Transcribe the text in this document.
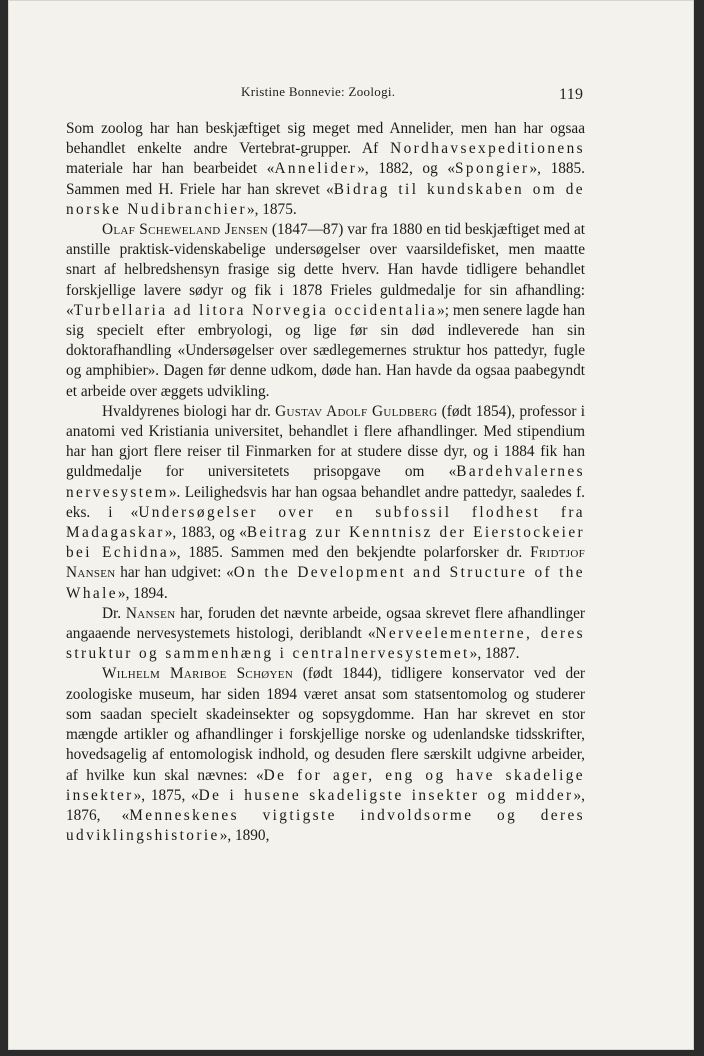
Kristine Bonnevie: Zoologi.	119

Som zoolog har han beskjæftiget sig meget med Annelider, men han har ogsaa behandlet enkelte andre Vertebrat-grupper. Af Nordhavsexpeditionens materiale har han bearbeidet «Annelider», 1882, og «Spongier», 1885. Sammen med H. Friele har han skrevet «Bidrag til kundskaben om de norske Nudibranchier», 1875.

Olaf Scheweland Jensen (1847—87) var fra 1880 en tid beskjæftiget med at anstille praktisk-videnskabelige undersøgelser over vaarsildefisket, men maatte snart af helbredshensyn frasige sig dette hverv. Han havde tidligere behandlet forskjellige lavere sødyr og fik i 1878 Frieles guldmedalje for sin afhandling: «Turbellaria ad litora Norvegia occidentalia»; men senere lagde han sig specielt efter embryologi, og lige før sin død indleverede han sin doktorafhandling «Undersøgelser over sædlegemernes struktur hos pattedyr, fugle og amphibier». Dagen før denne udkom, døde han. Han havde da ogsaa paabegyndt et arbeide over æggets udvikling.

Hvaldyrenes biologi har dr. Gustav Adolf Guldberg (født 1854), professor i anatomi ved Kristiania universitet, behandlet i flere afhandlinger. Med stipendium har han gjort flere reiser til Finmarken for at studere disse dyr, og i 1884 fik han guldmedalje for universitetets prisopgave om «Bardehvalernes nervesystem». Leilighedsvis har han ogsaa behandlet andre pattedyr, saaledes f. eks. i «Undersøgelser over en subfossil flodhest fra Madagaskar», 1883, og «Beitrag zur Kenntnisz der Eierstockeier bei Echidna», 1885. Sammen med den bekjendte polarforsker dr. Fridtjof Nansen har han udgivet: «On the Development and Structure of the Whale», 1894.

Dr. Nansen har, foruden det nævnte arbeide, ogsaa skrevet flere afhandlinger angaaende nervesystemets histologi, deriblandt «Nerveelementerne, deres struktur og sammenhæng i centralnervesystemet», 1887.

Wilhelm Mariboe Schøyen (født 1844), tidligere konservator ved der zoologiske museum, har siden 1894 været ansat som statsentomolog og studerer som saadan specielt skadeinsekter og sopsygdomme. Han har skrevet en stor mængde artikler og afhandlinger i forskjellige norske og udenlandske tidsskrifter, hovedsagelig af entomologisk indhold, og desuden flere særskilt udgivne arbeider, af hvilke kun skal nævnes: «De for ager, eng og have skadelige insekter», 1875, «De i husene skadeligste insekter og midder», 1876, «Menneskenes vigtigste indvoldsorme og deres udviklingshistorie», 1890,
